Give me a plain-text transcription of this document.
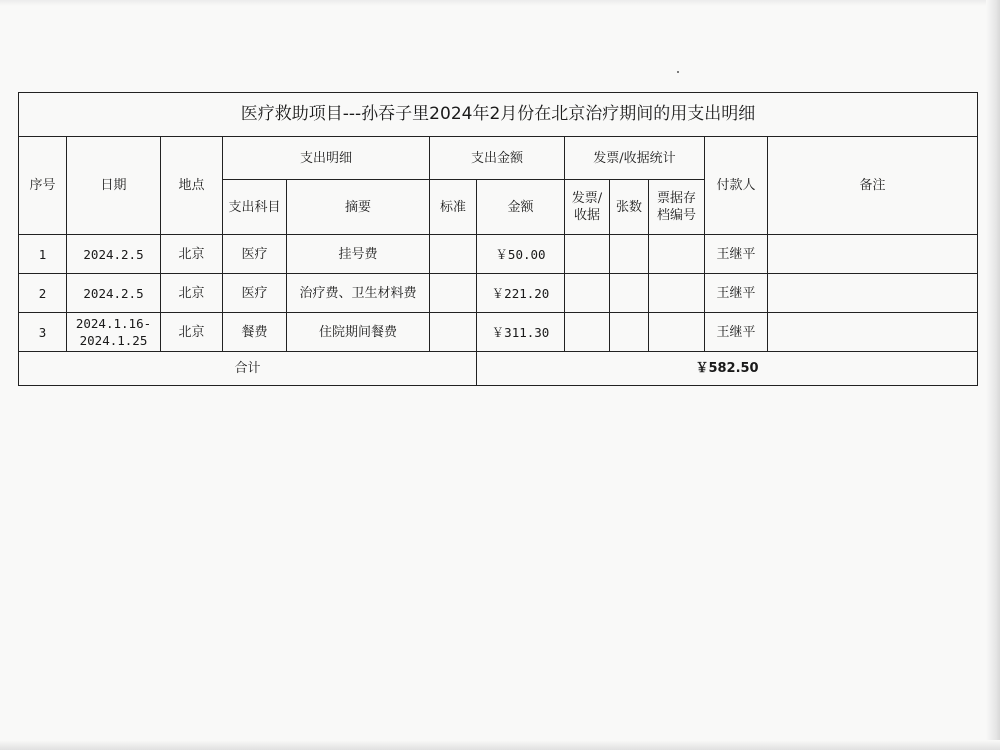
医疗救助项目---孙吞子里2024年2月份在北京治疗期间的用支出明细											
序号	日期	地点	支出明细		支出金额		发票/收据统计			付款人	备注
			支出科目	摘要	标准	金额	发票/
收据	张数	票据存
档编号		

1	2024.2.5	北京	医疗	挂号费		￥50.00				王继平	
2	2024.2.5	北京	医疗	治疗费、卫生材料费		￥221.20				王继平	
3	2024.1.16-
2024.1.25	北京	餐费	住院期间餐费		￥311.30				王继平	
合计						￥582.50					
